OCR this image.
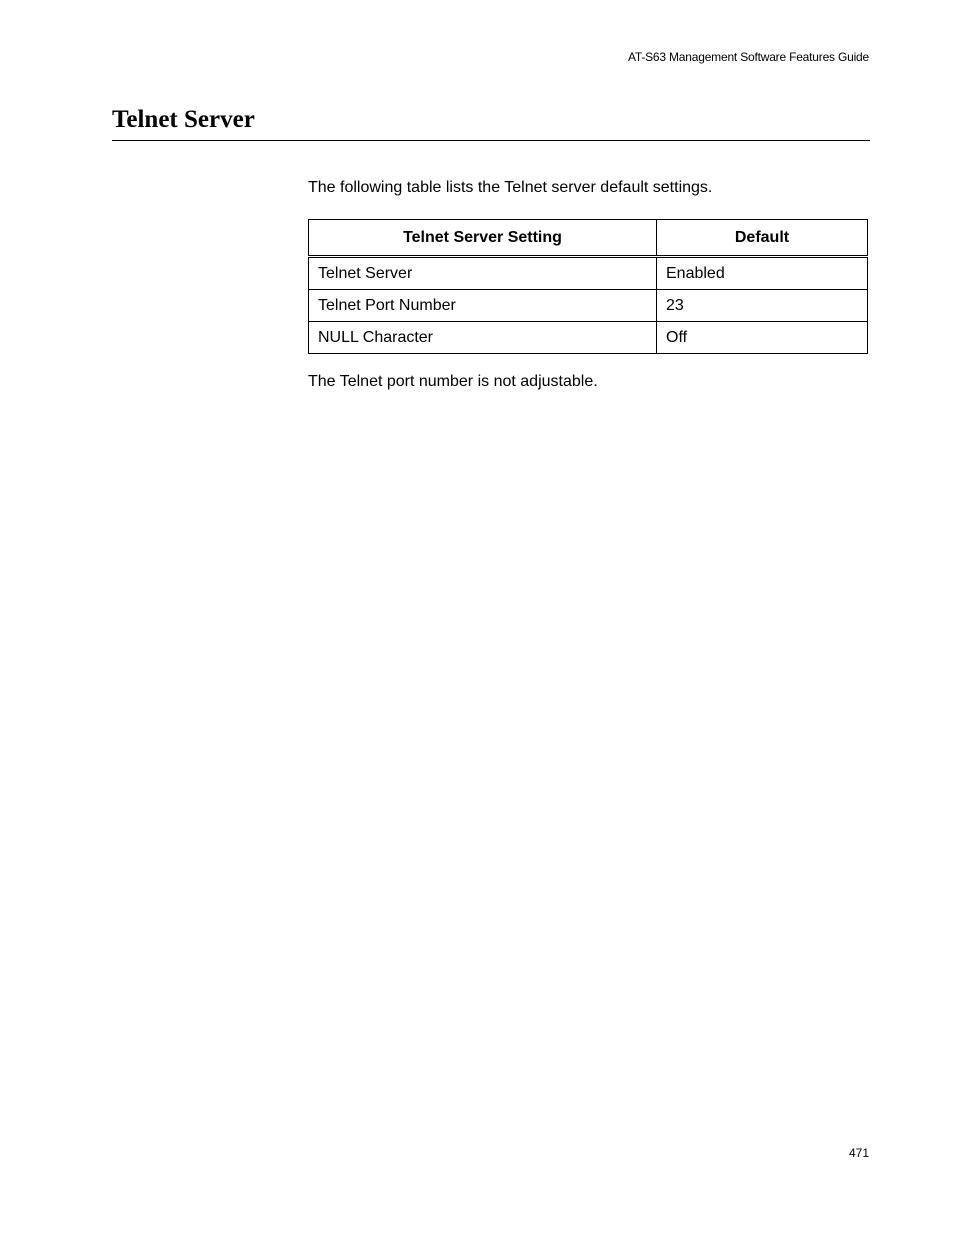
AT-S63 Management Software Features Guide
Telnet Server

The following table lists the Telnet server default settings.

Telnet Server Setting	Default
Telnet Server	Enabled
Telnet Port Number	23
NULL Character	Off

The Telnet port number is not adjustable.

471
